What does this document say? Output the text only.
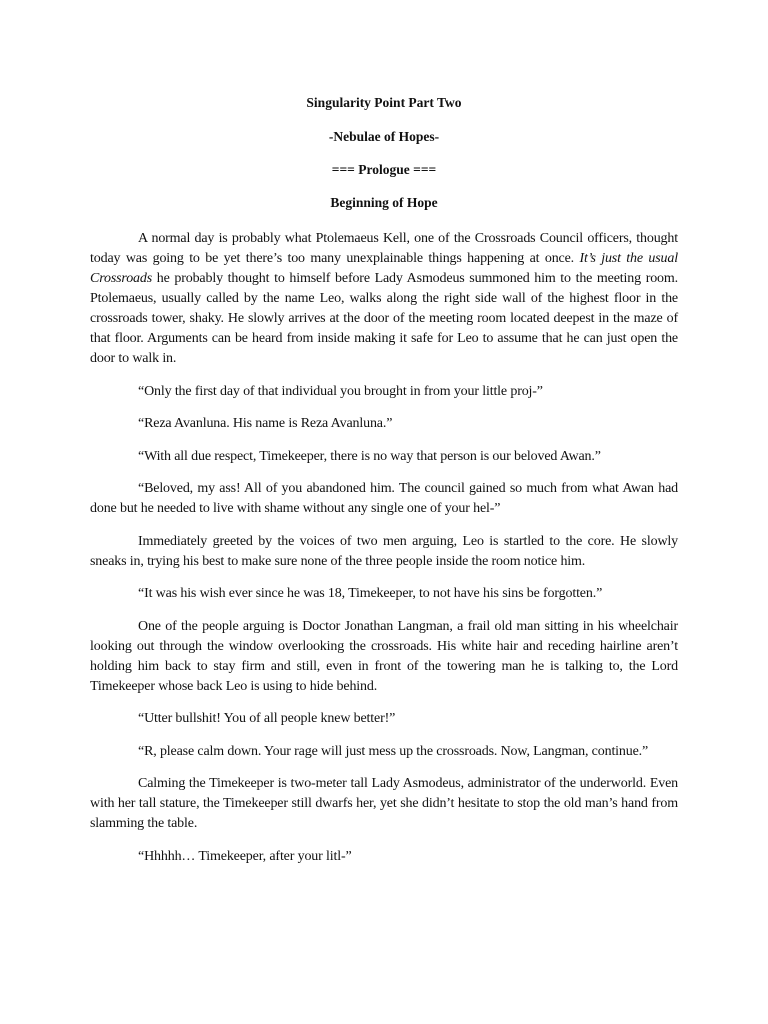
Singularity Point Part Two
-Nebulae of Hopes-
=== Prologue ===
Beginning of Hope

A normal day is probably what Ptolemaeus Kell, one of the Crossroads Council officers, thought today was going to be yet there’s too many unexplainable things happening at once. It’s just the usual Crossroads he probably thought to himself before Lady Asmodeus summoned him to the meeting room. Ptolemaeus, usually called by the name Leo, walks along the right side wall of the highest floor in the crossroads tower, shaky. He slowly arrives at the door of the meeting room located deepest in the maze of that floor. Arguments can be heard from inside making it safe for Leo to assume that he can just open the door to walk in.

“Only the first day of that individual you brought in from your little proj-”

“Reza Avanluna. His name is Reza Avanluna.”

“With all due respect, Timekeeper, there is no way that person is our beloved Awan.”

“Beloved, my ass! All of you abandoned him. The council gained so much from what Awan had done but he needed to live with shame without any single one of your hel-”

Immediately greeted by the voices of two men arguing, Leo is startled to the core. He slowly sneaks in, trying his best to make sure none of the three people inside the room notice him.

“It was his wish ever since he was 18, Timekeeper, to not have his sins be forgotten.”

One of the people arguing is Doctor Jonathan Langman, a frail old man sitting in his wheelchair looking out through the window overlooking the crossroads. His white hair and receding hairline aren’t holding him back to stay firm and still, even in front of the towering man he is talking to, the Lord Timekeeper whose back Leo is using to hide behind.

“Utter bullshit! You of all people knew better!”

“R, please calm down. Your rage will just mess up the crossroads. Now, Langman, continue.”

Calming the Timekeeper is two-meter tall Lady Asmodeus, administrator of the underworld. Even with her tall stature, the Timekeeper still dwarfs her, yet she didn’t hesitate to stop the old man’s hand from slamming the table.

“Hhhhh… Timekeeper, after your litl-”
